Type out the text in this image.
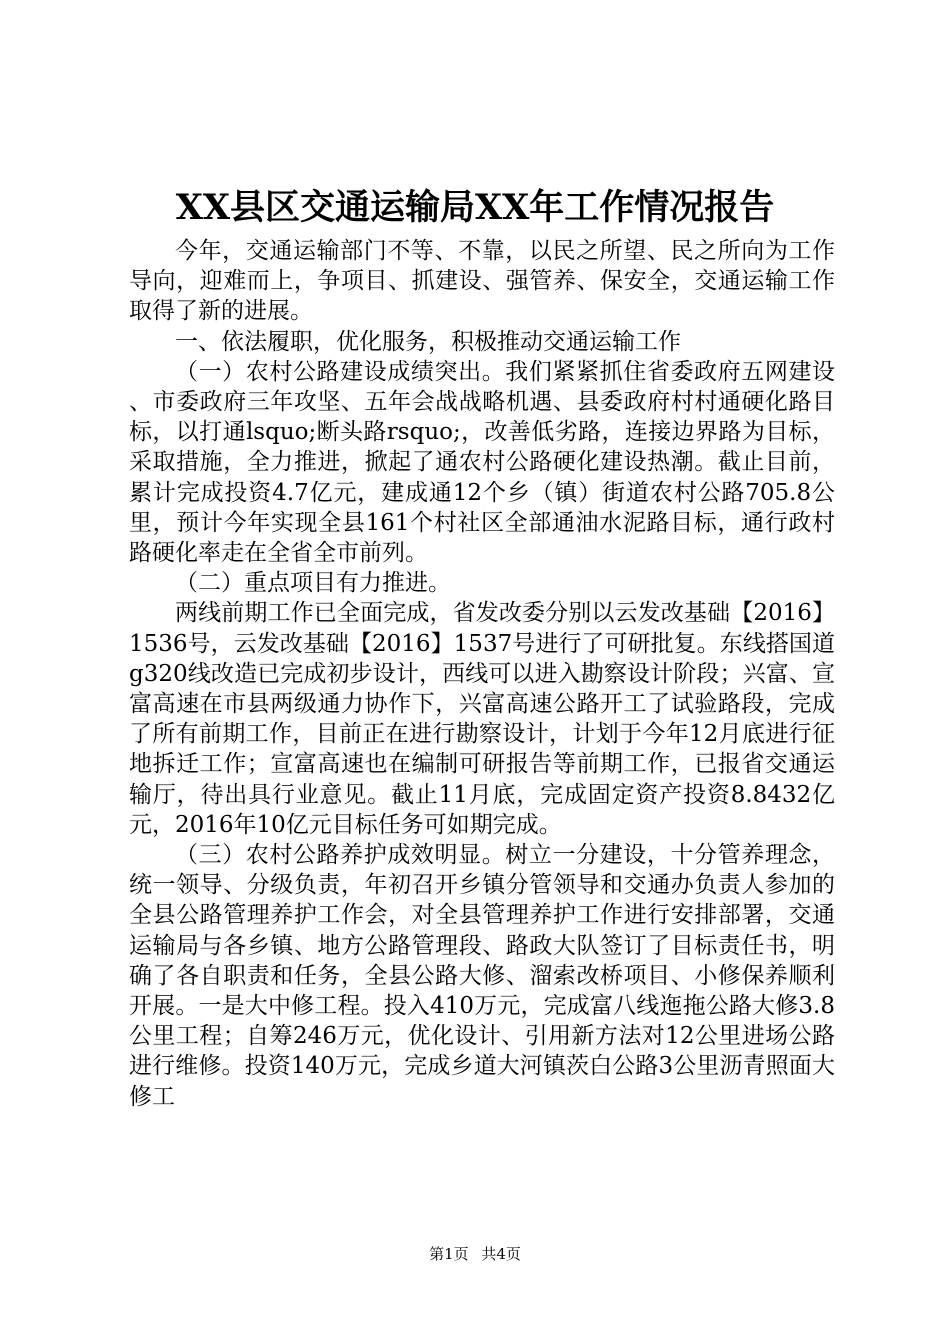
XX县区交通运输局XX年工作情况报告

今年，交通运输部门不等、不靠，以民之所望、民之所向为工作导向，迎难而上，争项目、抓建设、强管养、保安全，交通运输工作取得了新的进展。

一、依法履职，优化服务，积极推动交通运输工作

（一）农村公路建设成绩突出。我们紧紧抓住省委政府五网建设、市委政府三年攻坚、五年会战战略机遇、县委政府村村通硬化路目标，以打通lsquo;断头路rsquo;，改善低劣路，连接边界路为目标，采取措施，全力推进，掀起了通农村公路硬化建设热潮。截止目前，累计完成投资4.7亿元，建成通12个乡（镇）街道农村公路705.8公里，预计今年实现全县161个村社区全部通油水泥路目标，通行政村路硬化率走在全省全市前列。

（二）重点项目有力推进。

两线前期工作已全面完成，省发改委分别以云发改基础【2016】1536号，云发改基础【2016】1537号进行了可研批复。东线搭国道g320线改造已完成初步设计，西线可以进入勘察设计阶段；兴富、宣富高速在市县两级通力协作下，兴富高速公路开工了试验路段，完成了所有前期工作，目前正在进行勘察设计，计划于今年12月底进行征地拆迁工作；宣富高速也在编制可研报告等前期工作，已报省交通运输厅，待出具行业意见。截止11月底，完成固定资产投资8.8432亿元，2016年10亿元目标任务可如期完成。

（三）农村公路养护成效明显。树立一分建设，十分管养理念，统一领导、分级负责，年初召开乡镇分管领导和交通办负责人参加的全县公路管理养护工作会，对全县管理养护工作进行安排部署，交通运输局与各乡镇、地方公路管理段、路政大队签订了目标责任书，明确了各自职责和任务，全县公路大修、溜索改桥项目、小修保养顺利开展。一是大中修工程。投入410万元，完成富八线迤拖公路大修3.8公里工程；自筹246万元，优化设计、引用新方法对12公里进场公路进行维修。投资140万元，完成乡道大河镇茨白公路3公里沥青照面大修工

第1页 共4页
